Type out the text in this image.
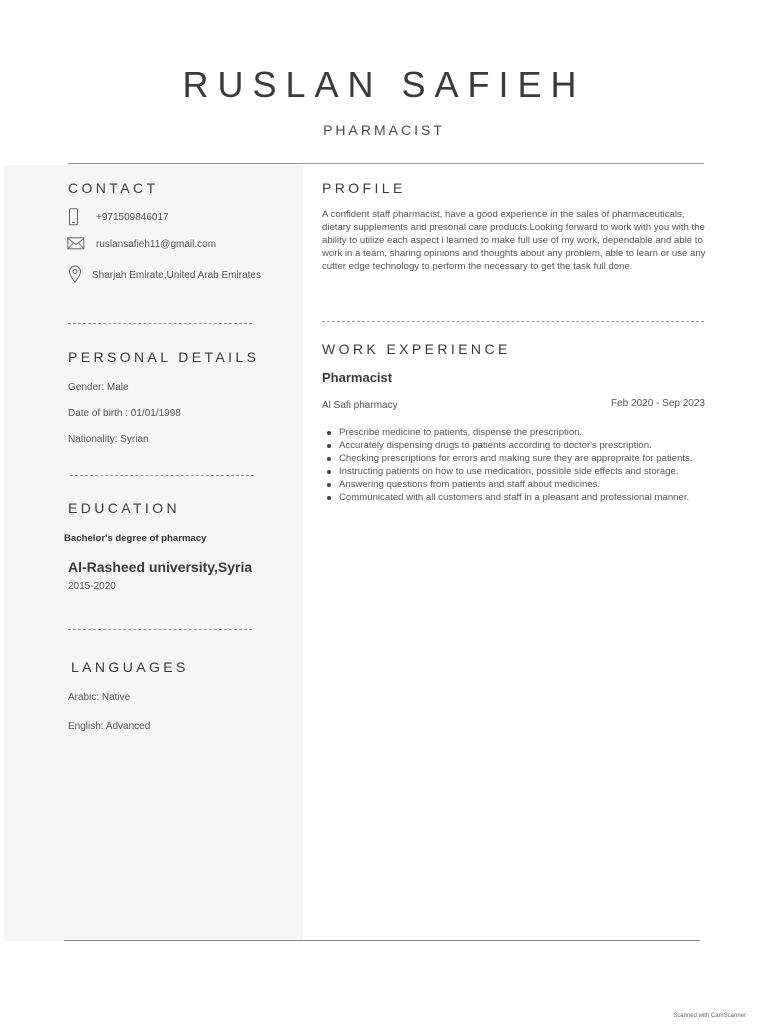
RUSLAN SAFIEH
PHARMACIST
CONTACT
+971509846017
ruslansafieh11@gmail.com
Sharjah Emirate,United Arab Emirates
PERSONAL DETAILS
Gender: Male
Date of birth : 01/01/1998
Nationality: Syrian
EDUCATION
Bachelor's degree of pharmacy
Al-Rasheed university,Syria
2015-2020
LANGUAGES
Arabic: Native
English: Advanced
PROFILE

A confident staff pharmacist, have a good experience in the sales of pharmaceuticals, dietary supplements and presonal care products.Looking forward to work with you with the ability to utilize each aspect i learned to make full use of my work, dependable and able to work in a team, sharing opinions and thoughts about any problem, able to learn or use any cutter edge technology to perform the necessary to get the task full done.

WORK EXPERIENCE
Pharmacist
Al Safi pharmacy	Feb 2020 - Sep 2023
Prescribe medicine to patients, dispense the prescription.
Accurately dispensing drugs to patients according to doctor's prescription.
Checking prescriptions for errors and making sure they are appropraite for patients.
Instructing patients on how to use medication, possible side effects and storage.
Answering questions from patients and staff about medicines.
Communicated with all customers and staff in a pleasant and professional manner.
Scanned with CamScanner
